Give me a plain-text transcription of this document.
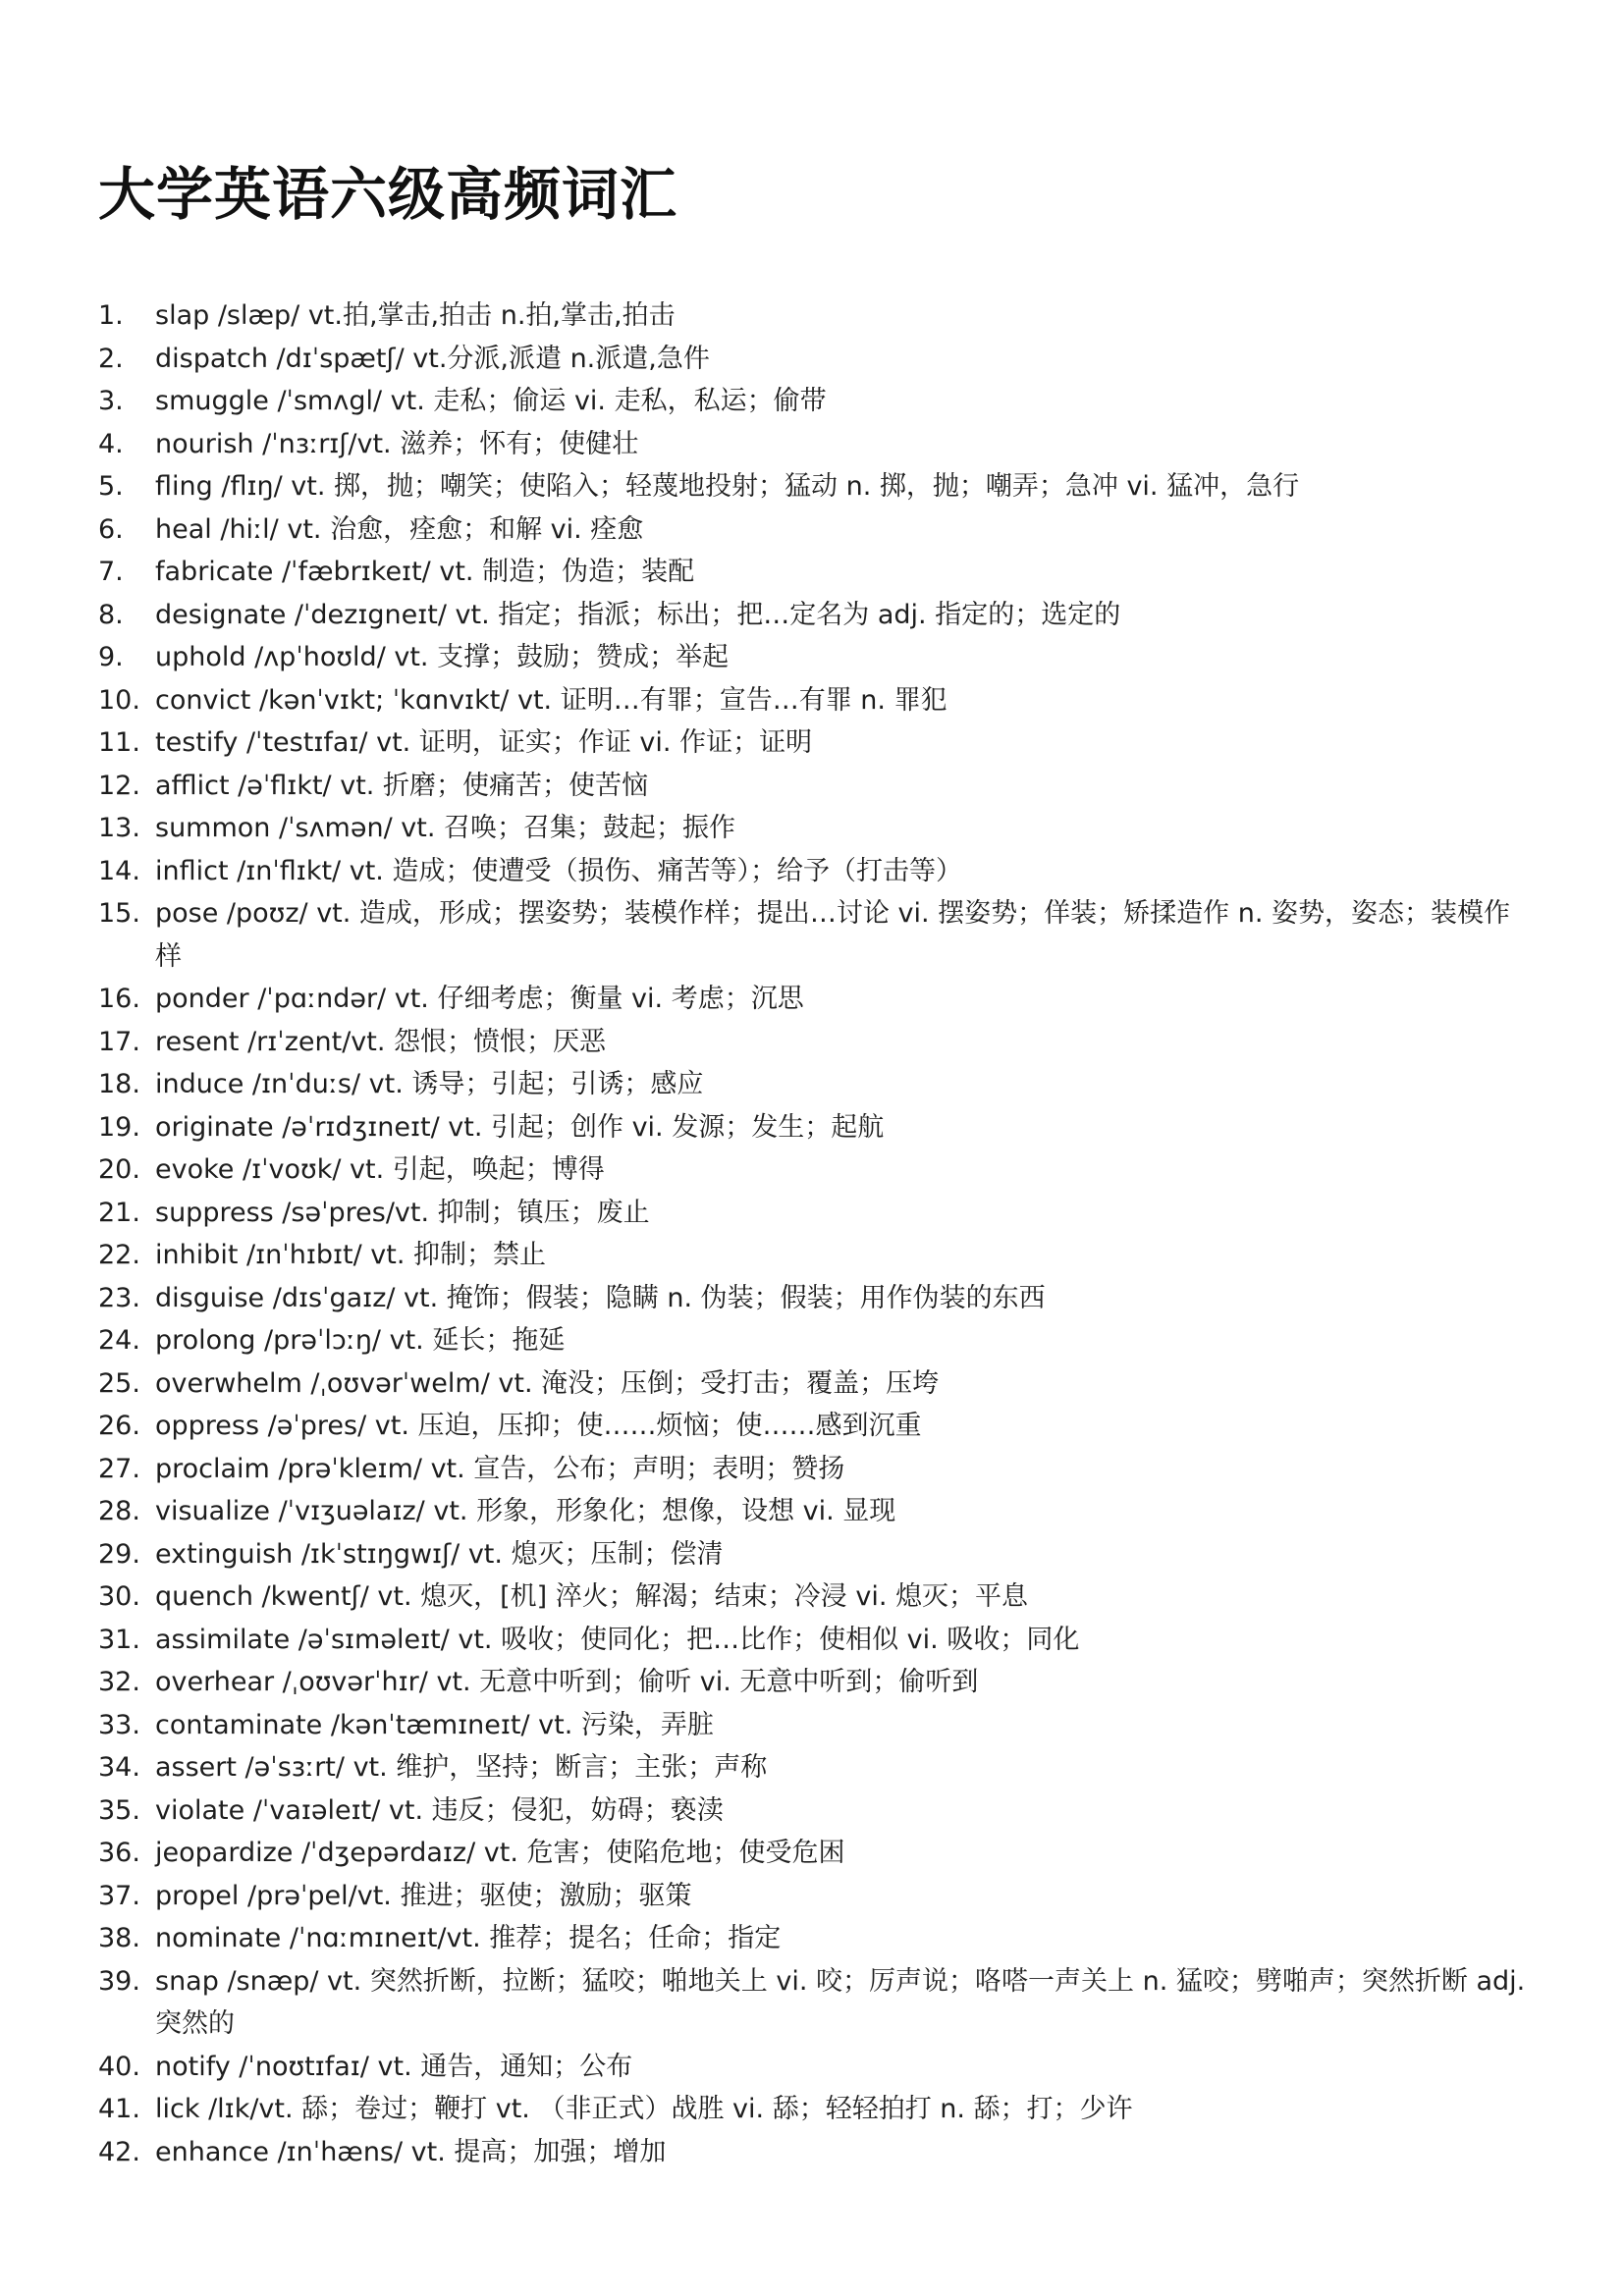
大学英语六级高频词汇
1.	slap /slæp/ vt.拍,掌击,拍击 n.拍,掌击,拍击
2.	dispatch /dɪˈspætʃ/ vt.分派,派遣 n.派遣,急件
3.	smuggle /ˈsmʌgl/ vt. 走私；偷运 vi. 走私，私运；偷带
4.	nourish /ˈnɜːrɪʃ/vt. 滋养；怀有；使健壮
5.	fling /flɪŋ/ vt. 掷，抛；嘲笑；使陷入；轻蔑地投射；猛动 n. 掷，抛；嘲弄；急冲 vi. 猛冲，急行
6.	heal /hiːl/ vt. 治愈，痊愈；和解 vi. 痊愈
7.	fabricate /ˈfæbrɪkeɪt/ vt. 制造；伪造；装配
8.	designate /ˈdezɪgneɪt/ vt. 指定；指派；标出；把…定名为 adj. 指定的；选定的
9.	uphold /ʌpˈhoʊld/ vt. 支撑；鼓励；赞成；举起
10. convict /kənˈvɪkt; ˈkɑnvɪkt/ vt. 证明…有罪；宣告…有罪 n. 罪犯
11. testify /ˈtestɪfaɪ/ vt. 证明，证实；作证 vi. 作证；证明
12. afflict /əˈflɪkt/ vt. 折磨；使痛苦；使苦恼
13. summon /ˈsʌmən/ vt. 召唤；召集；鼓起；振作
14. inflict /ɪnˈflɪkt/ vt. 造成；使遭受（损伤、痛苦等）；给予（打击等）
15. pose /poʊz/ vt. 造成，形成；摆姿势；装模作样；提出…讨论 vi. 摆姿势；佯装；矫揉造作 n. 姿势，姿态；装模作样
16. ponder /ˈpɑːndər/ vt. 仔细考虑；衡量 vi. 考虑；沉思
17. resent /rɪˈzent/vt. 怨恨；愤恨；厌恶
18. induce /ɪnˈduːs/ vt. 诱导；引起；引诱；感应
19. originate /əˈrɪdʒɪneɪt/ vt. 引起；创作 vi. 发源；发生；起航
20. evoke /ɪˈvoʊk/ vt. 引起，唤起；博得
21. suppress /səˈpres/vt. 抑制；镇压；废止
22. inhibit /ɪnˈhɪbɪt/ vt. 抑制；禁止
23. disguise /dɪsˈgaɪz/ vt. 掩饰；假装；隐瞒 n. 伪装；假装；用作伪装的东西
24. prolong /prəˈlɔːŋ/ vt. 延长；拖延
25. overwhelm /ˌoʊvərˈwelm/ vt. 淹没；压倒；受打击；覆盖；压垮
26. oppress /əˈpres/ vt. 压迫，压抑；使……烦恼；使……感到沉重
27. proclaim /prəˈkleɪm/ vt. 宣告，公布；声明；表明；赞扬
28. visualize /ˈvɪʒuəlaɪz/ vt. 形象，形象化；想像，设想 vi. 显现
29. extinguish /ɪkˈstɪŋgwɪʃ/ vt. 熄灭；压制；偿清
30. quench /kwentʃ/ vt. 熄灭，[机] 淬火；解渴；结束；冷浸 vi. 熄灭；平息
31. assimilate /əˈsɪməleɪt/ vt. 吸收；使同化；把…比作；使相似 vi. 吸收；同化
32. overhear /ˌoʊvərˈhɪr/ vt. 无意中听到；偷听 vi. 无意中听到；偷听到
33. contaminate /kənˈtæmɪneɪt/ vt. 污染，弄脏
34. assert /əˈsɜːrt/ vt. 维护，坚持；断言；主张；声称
35. violate /ˈvaɪəleɪt/ vt. 违反；侵犯，妨碍；亵渎
36. jeopardize /ˈdʒepərdaɪz/ vt. 危害；使陷危地；使受危困
37. propel /prəˈpel/vt. 推进；驱使；激励；驱策
38. nominate /ˈnɑːmɪneɪt/vt. 推荐；提名；任命；指定
39. snap /snæp/ vt. 突然折断，拉断；猛咬；啪地关上 vi. 咬；厉声说；咯嗒一声关上 n. 猛咬；劈啪声；突然折断 adj. 突然的
40. notify /ˈnoʊtɪfaɪ/ vt. 通告，通知；公布
41. lick /lɪk/vt. 舔；卷过；鞭打 vt. （非正式）战胜 vi. 舔；轻轻拍打 n. 舔；打；少许
42. enhance /ɪnˈhæns/ vt. 提高；加强；增加
